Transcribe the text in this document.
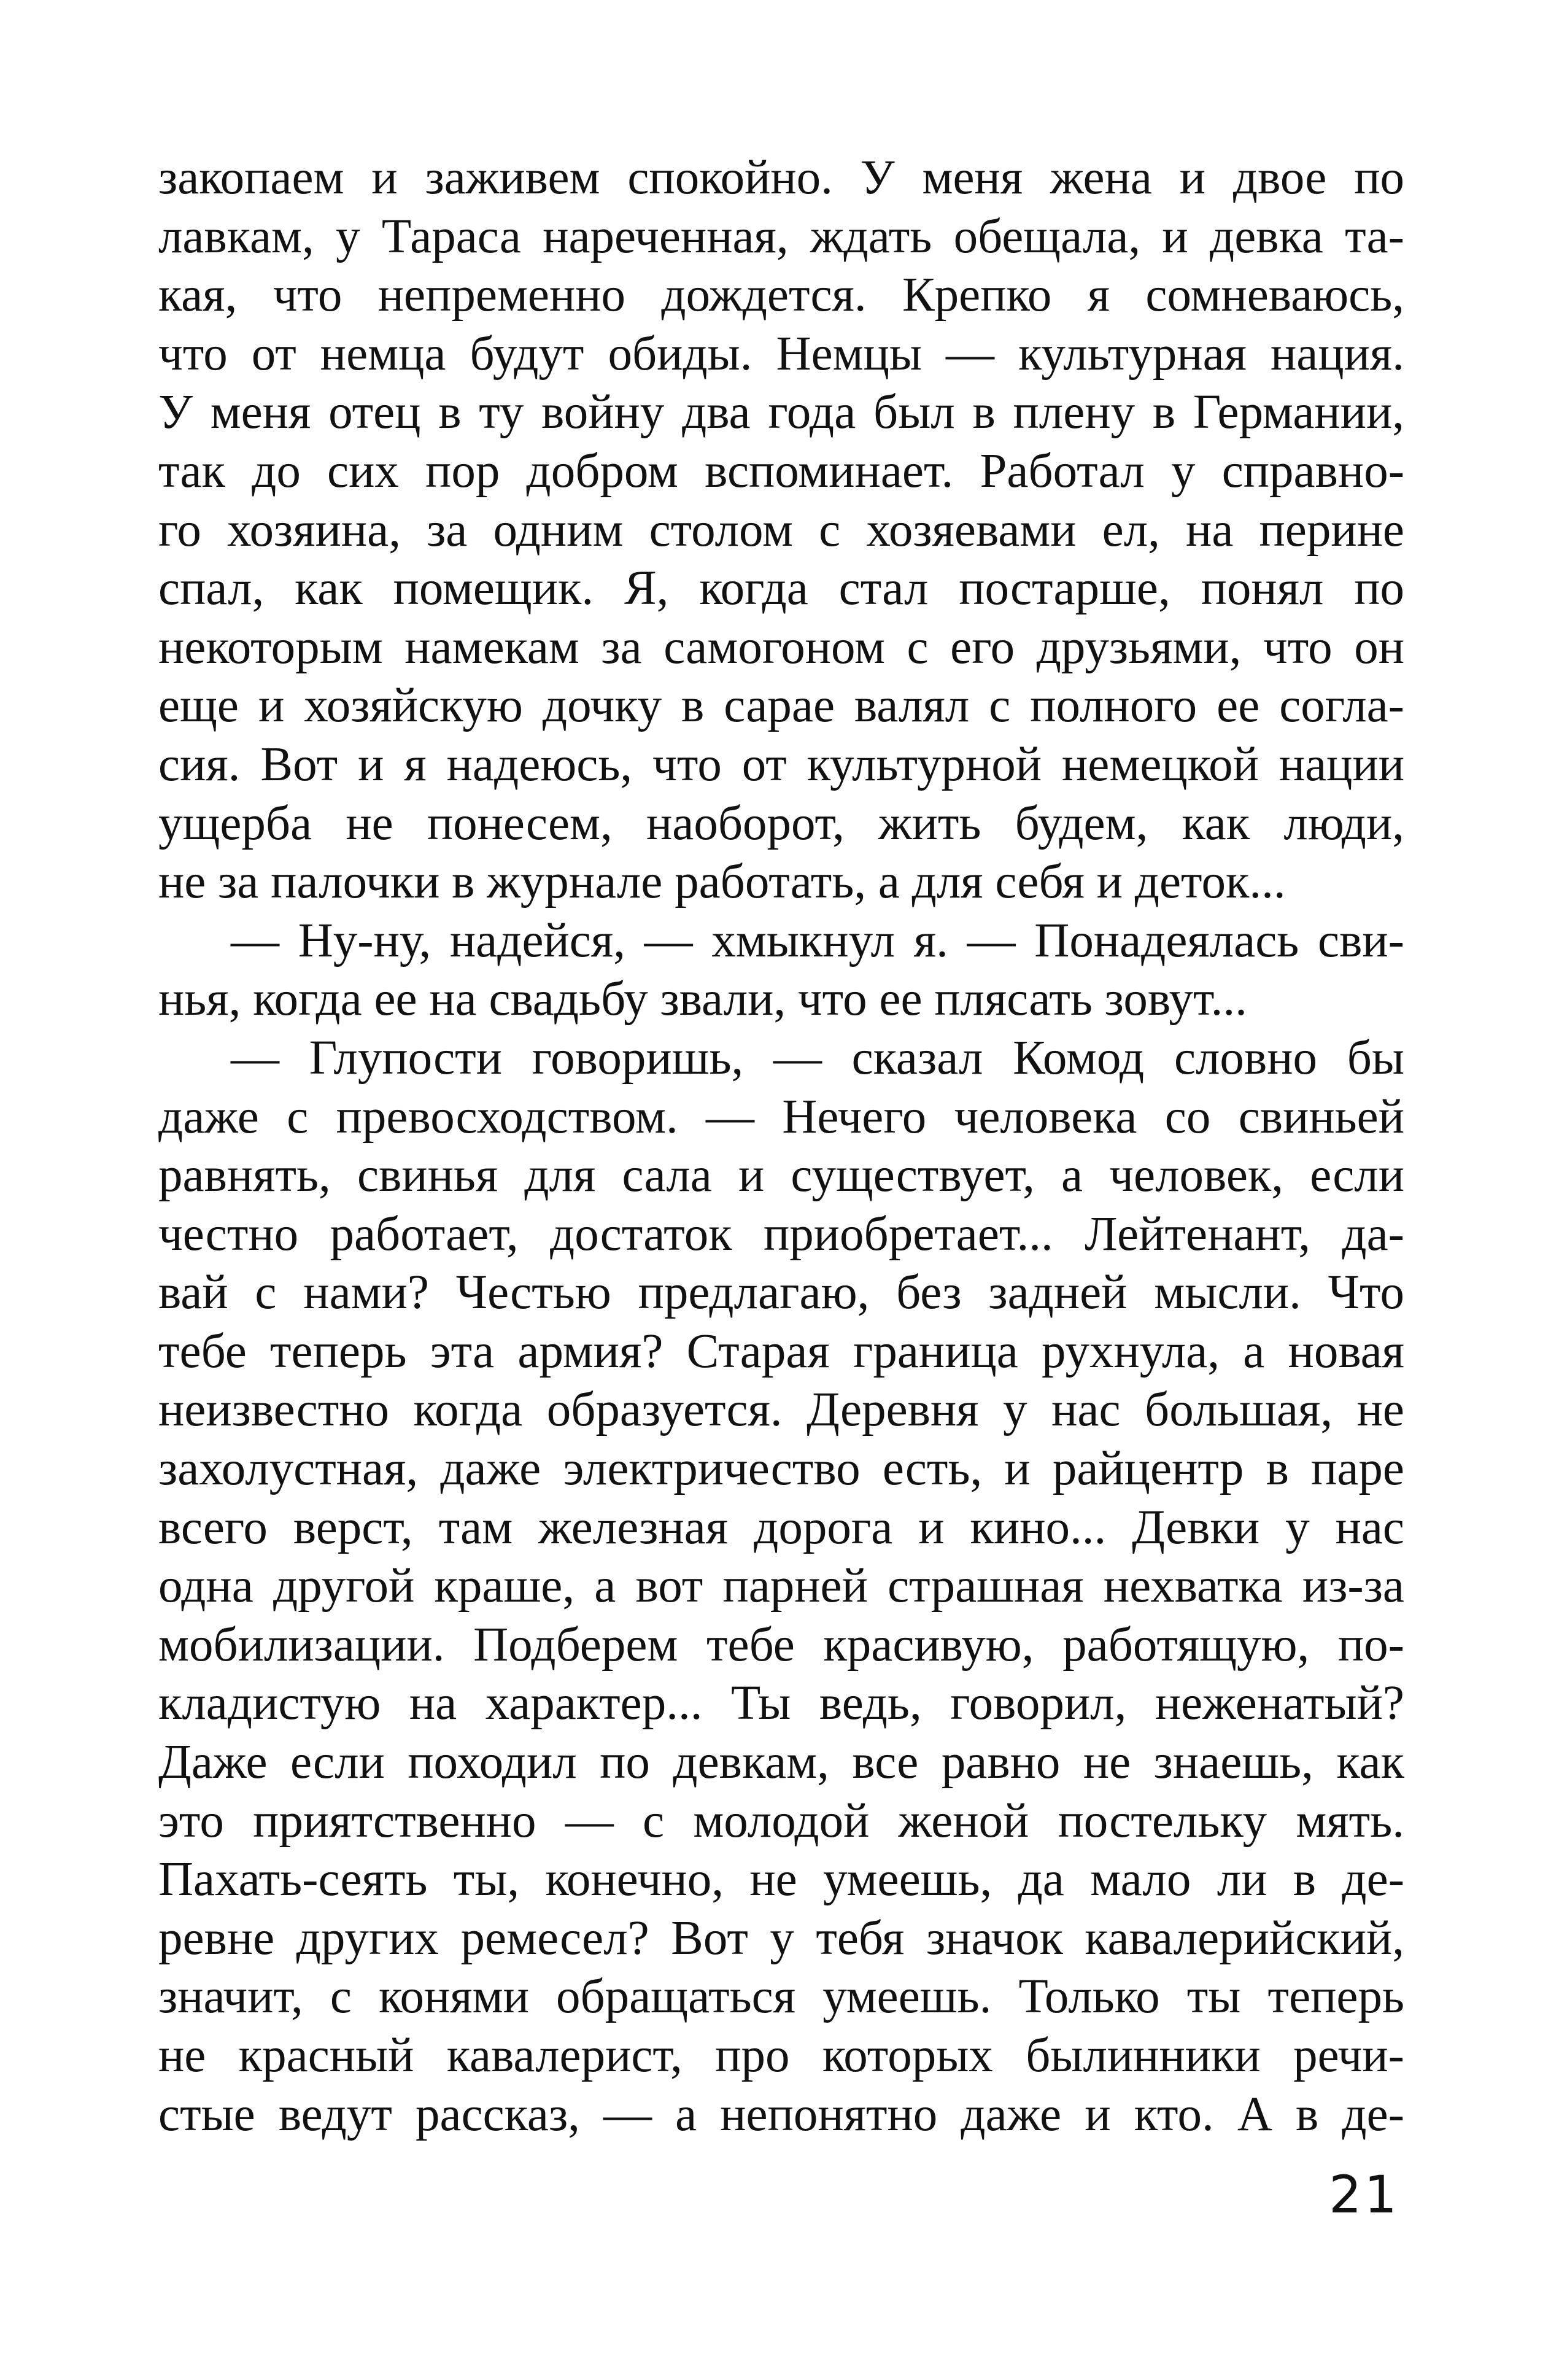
закопаем и заживем спокойно. У меня жена и двое по
лавкам, у Тараса нареченная, ждать обещала, и девка та-
кая, что непременно дождется. Крепко я сомневаюсь,
что от немца будут обиды. Немцы — культурная нация.
У меня отец в ту войну два года был в плену в Германии,
так до сих пор добром вспоминает. Работал у справно-
го хозяина, за одним столом с хозяевами ел, на перине
спал, как помещик. Я, когда стал постарше, понял по
некоторым намекам за самогоном с его друзьями, что он
еще и хозяйскую дочку в сарае валял с полного ее согла-
сия. Вот и я надеюсь, что от культурной немецкой нации
ущерба не понесем, наоборот, жить будем, как люди,
не за палочки в журнале работать, а для себя и деток...
— Ну-ну, надейся, — хмыкнул я. — Понадеялась сви-
нья, когда ее на свадьбу звали, что ее плясать зовут...
— Глупости говоришь, — сказал Комод словно бы
даже с превосходством. — Нечего человека со свиньей
равнять, свинья для сала и существует, а человек, если
честно работает, достаток приобретает... Лейтенант, да-
вай с нами? Честью предлагаю, без задней мысли. Что
тебе теперь эта армия? Старая граница рухнула, а новая
неизвестно когда образуется. Деревня у нас большая, не
захолустная, даже электричество есть, и райцентр в паре
всего верст, там железная дорога и кино... Девки у нас
одна другой краше, а вот парней страшная нехватка из-за
мобилизации. Подберем тебе красивую, работящую, по-
кладистую на характер... Ты ведь, говорил, неженатый?
Даже если походил по девкам, все равно не знаешь, как
это приятственно — с молодой женой постельку мять.
Пахать-сеять ты, конечно, не умеешь, да мало ли в де-
ревне других ремесел? Вот у тебя значок кавалерийский,
значит, с конями обращаться умеешь. Только ты теперь
не красный кавалерист, про которых былинники речи-
стые ведут рассказ, — а непонятно даже и кто. А в де-
21
